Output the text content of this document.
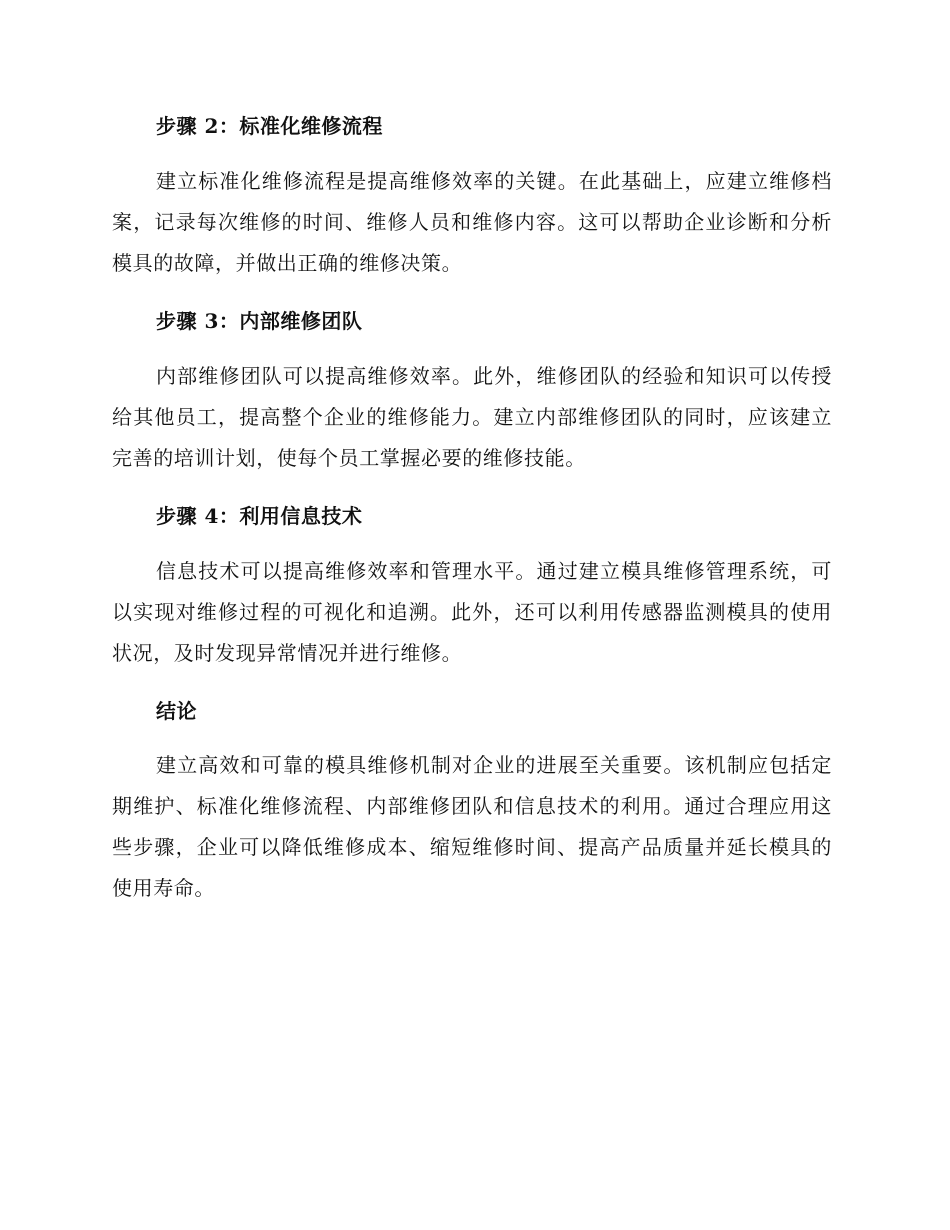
步骤 2：标准化维修流程

建立标准化维修流程是提高维修效率的关键。在此基础上，应建立维修档案，记录每次维修的时间、维修人员和维修内容。这可以帮助企业诊断和分析模具的故障，并做出正确的维修决策。

步骤 3：内部维修团队

内部维修团队可以提高维修效率。此外，维修团队的经验和知识可以传授给其他员工，提高整个企业的维修能力。建立内部维修团队的同时，应该建立完善的培训计划，使每个员工掌握必要的维修技能。

步骤 4：利用信息技术

信息技术可以提高维修效率和管理水平。通过建立模具维修管理系统，可以实现对维修过程的可视化和追溯。此外，还可以利用传感器监测模具的使用状况，及时发现异常情况并进行维修。

结论

建立高效和可靠的模具维修机制对企业的进展至关重要。该机制应包括定期维护、标准化维修流程、内部维修团队和信息技术的利用。通过合理应用这些步骤，企业可以降低维修成本、缩短维修时间、提高产品质量并延长模具的使用寿命。
